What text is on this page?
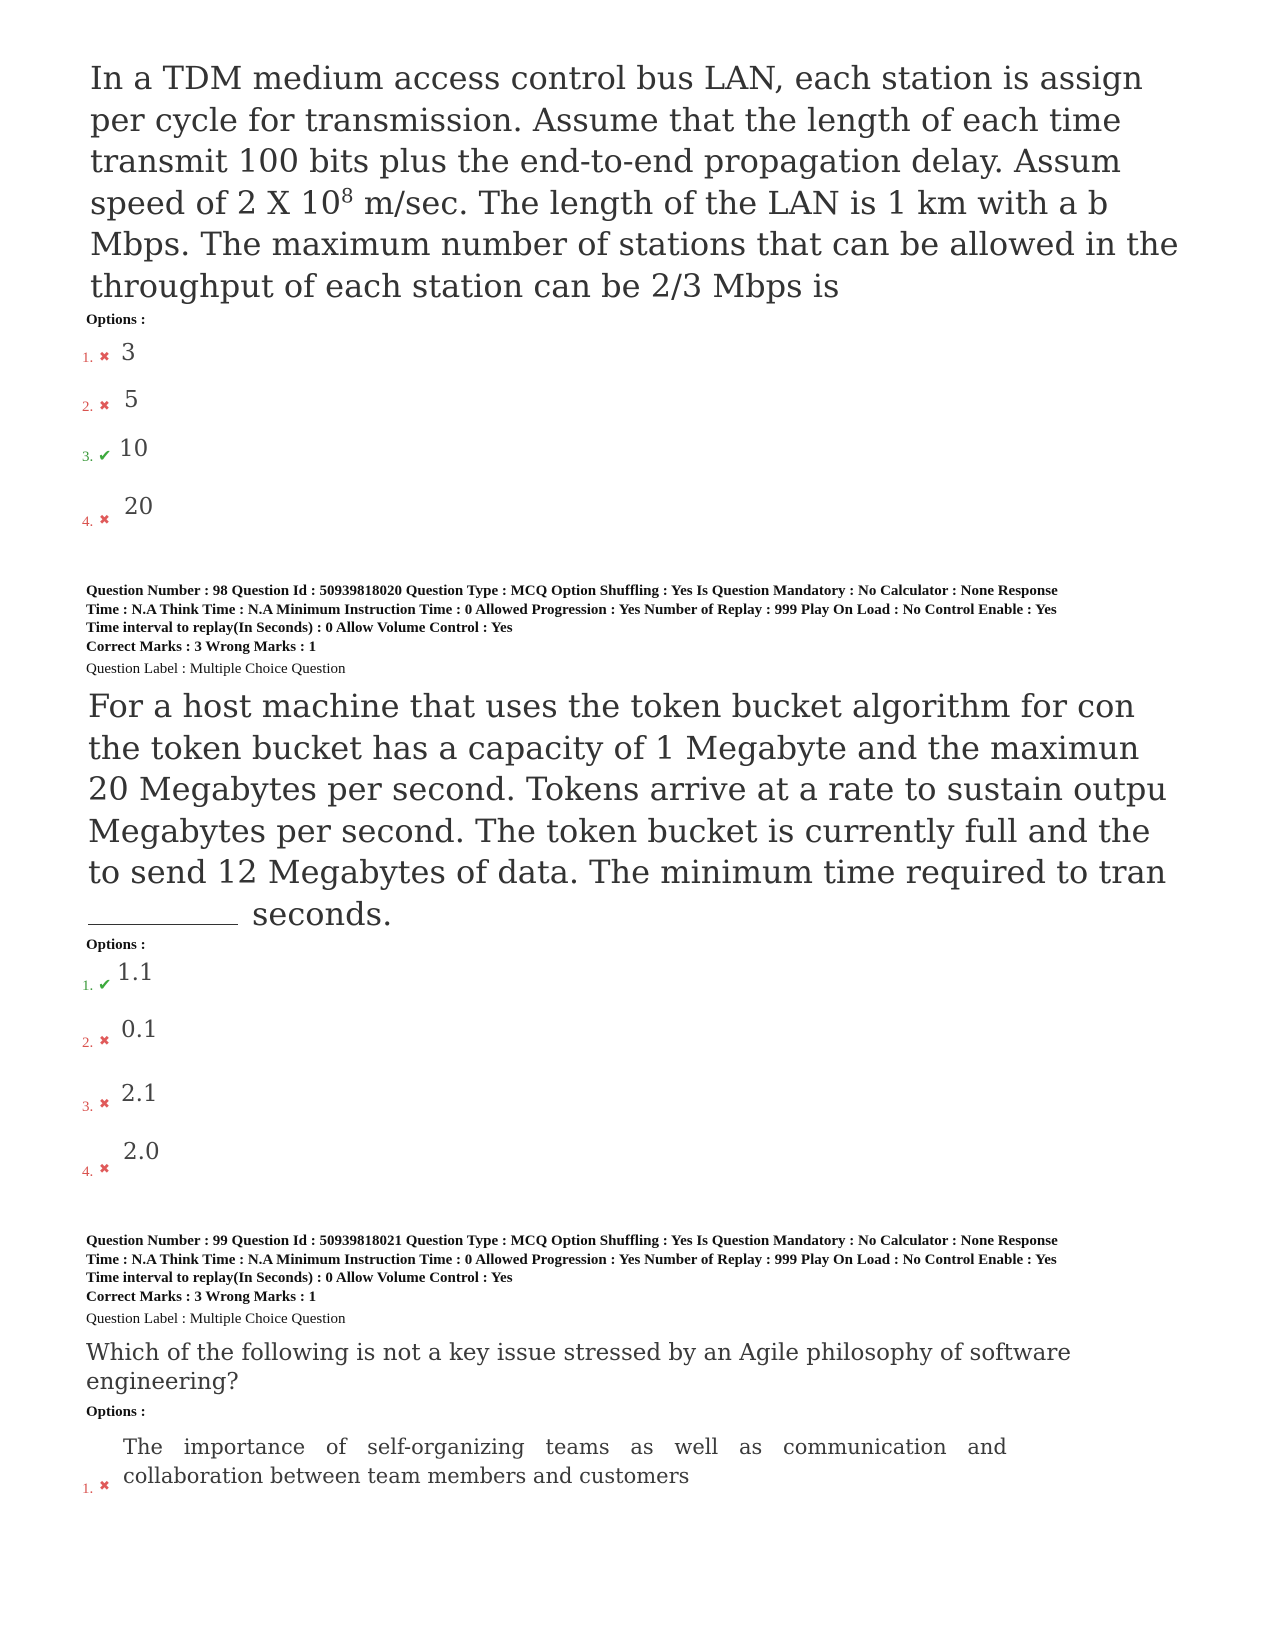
In a TDM medium access control bus LAN, each station is assign
per cycle for transmission. Assume that the length of each time
transmit 100 bits plus the end-to-end propagation delay. Assum
speed of 2 X $10^8$ m/sec. The length of the LAN is 1 km with a b
Mbps. The maximum number of stations that can be allowed in the
throughput of each station can be 2/3 Mbps is
Options :
1. ✖ 3
2. ✖ 5
3. ✔ 10
4. ✖
20
Question Number : 98 Question Id : 50939818020 Question Type : MCQ Option Shuffling : Yes Is Question Mandatory : No Calculator : None Response
Time : N.A Think Time : N.A Minimum Instruction Time : 0 Allowed Progression : Yes Number of Replay : 999 Play On Load : No Control Enable : Yes
Time interval to replay(In Seconds) : 0 Allow Volume Control : Yes
Correct Marks : 3 Wrong Marks : 1
Question Label : Multiple Choice Question
For a host machine that uses the token bucket algorithm for con
the token bucket has a capacity of 1 Megabyte and the maximun
20 Megabytes per second. Tokens arrive at a rate to sustain outpu
Megabytes per second. The token bucket is currently full and the
to send 12 Megabytes of data. The minimum time required to tran
seconds.
Options :
1. ✔ 1.1
2. ✖ 0.1
3. ✖ 2.1
4. ✖
2.0
Question Number : 99 Question Id : 50939818021 Question Type : MCQ Option Shuffling : Yes Is Question Mandatory : No Calculator : None Response
Time : N.A Think Time : N.A Minimum Instruction Time : 0 Allowed Progression : Yes Number of Replay : 999 Play On Load : No Control Enable : Yes
Time interval to replay(In Seconds) : 0 Allow Volume Control : Yes
Correct Marks : 3 Wrong Marks : 1
Question Label : Multiple Choice Question
Which of the following is not a key issue stressed by an Agile philosophy of software
engineering?
Options :
The importance of self-organizing teams as well as communication and
collaboration between team members and customers
1. ✖
